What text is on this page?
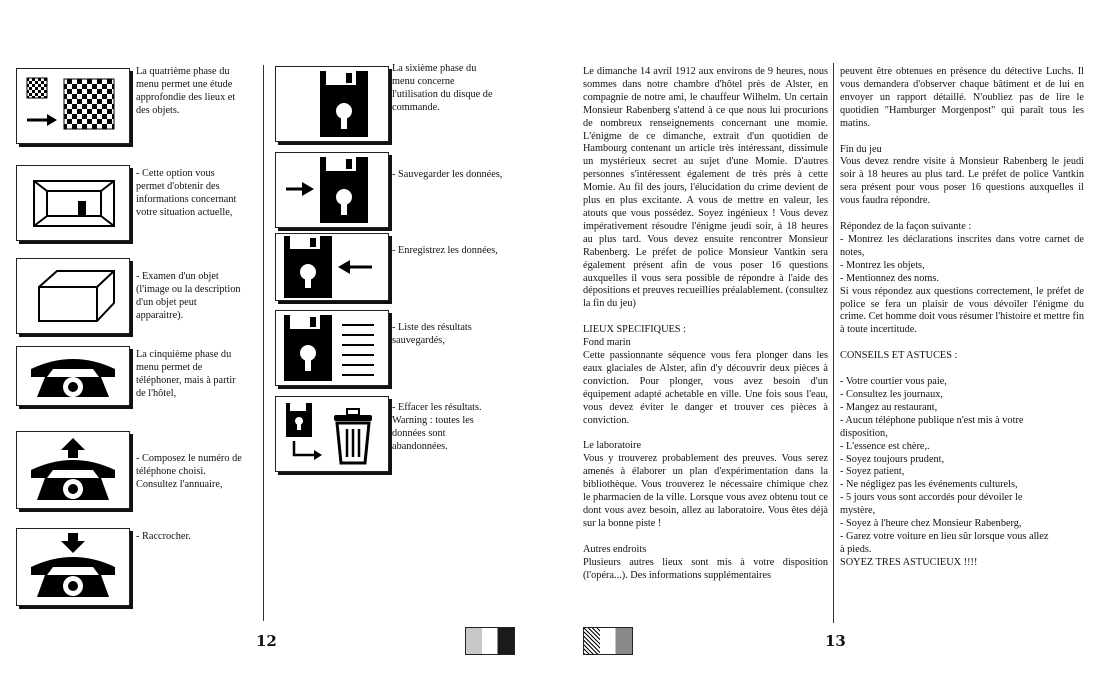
La quatrième phase du
menu permet une étude
approfondie des lieux et
des objets.
- Cette option vous
permet d'obtenir des
informations concernant
votre situation actuelle,
- Examen d'un objet
(l'image ou la description
d'un objet peut
apparaitre).
La cinquième phase du
menu permet de
téléphoner, mais à partir
de l'hôtel,
- Composez le numéro de
téléphone choisi.
Consultez l'annuaire,
- Raccrocher.
La sixième phase du
menu concerne
l'utilisation du disque de
commande.
- Sauvegarder les données,
- Enregistrez les données,
- Liste des résultats
sauvegardés,
- Effacer les résultats.
Warning : toutes les
données sont
abandonnées.
12

Le dimanche 14 avril 1912 aux environs de 9 heures, nous sommes dans notre chambre d'hôtel près de Alster, en compagnie de notre ami, le chauffeur Wilhelm. Un certain Monsieur Rabenberg s'attend à ce que nous lui procurions de nombreux renseignements concernant une momie. L'énigme de ce dimanche, extrait d'un quotidien de Hambourg contenant un article très intéressant, dissimule un mystérieux secret au sujet d'une Momie. D'autres personnes s'intéressent également de très près à cette Momie. Au fil des jours, l'élucidation du crime devient de plus en plus excitante. A vous de mettre en valeur, les atouts que vous possédez. Soyez ingénieux ! Vous devez impérativement résoudre l'énigme jeudi soir, à 18 heures au plus tard. Vous devez ensuite rencontrer Monsieur Rabenberg. Le préfet de police Monsieur Vantkin sera également présent afin de vous poser 16 questions auxquelles il vous sera possible de répondre à l'aide des dépositions et preuves recueillies préalablement. (consultez la fin du jeu)

LIEUX SPECIFIQUES :

Fond marin

Cette passionnante séquence vous fera plonger dans les eaux glaciales de Alster, afin d'y découvrir deux pièces à conviction. Pour plonger, vous avez besoin d'un équipement adapté achetable en ville. Une fois sous l'eau, vous devez éviter le danger et trouver ces pièces à conviction.

Le laboratoire

Vous y trouverez probablement des preuves. Vous serez amenés à élaborer un plan d'expérimentation dans la bibliothèque. Vous trouverez le nécessaire chimique chez le pharmacien de la ville. Lorsque vous avez obtenu tout ce dont vous avez besoin, allez au laboratoire. Vous êtes déjà sur la bonne piste !

Autres endroits

Plusieurs autres lieux sont mis à votre disposition (l'opéra...). Des informations supplémentaires

peuvent être obtenues en présence du détective Luchs. Il vous demandera d'observer chaque bâtiment et de lui en envoyer un rapport détaillé. N'oubliez pas de lire le quotidien "Hamburger Morgenpost" qui paraît tous les matins.

Fin du jeu

Vous devez rendre visite à Monsieur Rabenberg le jeudi soir à 18 heures au plus tard. Le préfet de police Vantkin sera présent pour vous poser 16 questions auxquelles il vous faudra répondre.

Répondez de la façon suivante :

- Montrez les déclarations inscrites dans votre carnet de notes,
- Montrez les objets,
- Mentionnez des noms.

Si vous répondez aux questions correctement, le préfet de police se fera un plaisir de vous dévoiler l'énigme du crime. Cet homme doit vous résumer l'histoire et mettre fin à toute incertitude.

CONSEILS ET ASTUCES :

- Votre courtier vous paie,
- Consultez les journaux,
- Mangez au restaurant,
- Aucun téléphone publique n'est mis à votre
disposition,
- L'essence est chère,.
- Soyez toujours prudent,
- Soyez patient,
- Ne négligez pas les événements culturels,
- 5 jours vous sont accordés pour dévoiler le
mystère,
- Soyez à l'heure chez Monsieur Rabenberg,
- Garez votre voiture en lieu sûr lorsque vous allez
à pieds.

SOYEZ TRES ASTUCIEUX !!!!

13
